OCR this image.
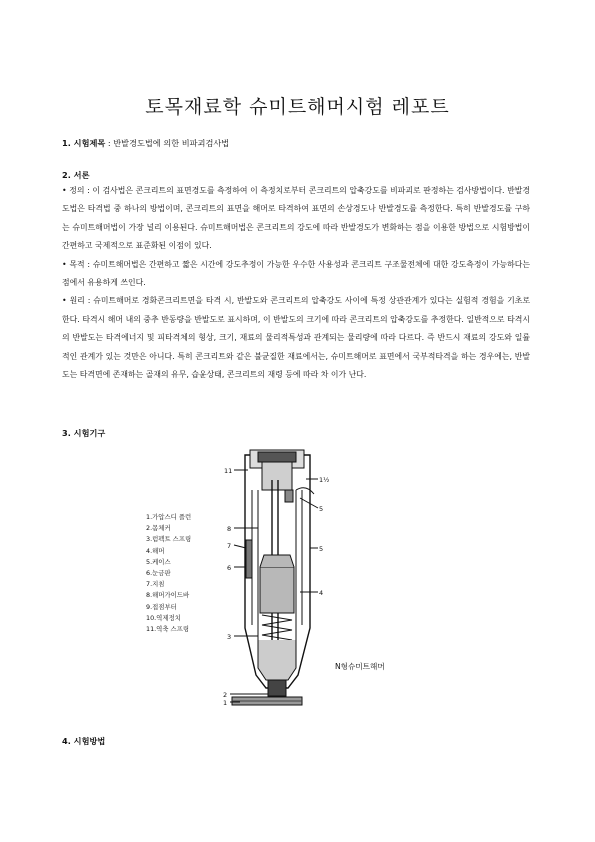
토목재료학 슈미트해머시험 레포트
1. 시험제목 : 반발경도법에 의한 비파괴검사법
2. 서론

• 정의 : 이 검사법은 콘크리트의 표면경도를 측정하여 이 측정치로부터 콘크리트의 압축강도를 비파괴로 판정하는 검사방법이다. 반발경도법은 타격법 중 하나의 방법이며, 콘크리트의 표면을 해머로 타격하여 표면의 손상경도나 반발경도를 측정한다. 특히 반발경도를 구하는 슈미트해머법이 가장 널리 이용된다. 슈미트해머법은 콘크리트의 강도에 따라 반발경도가 변화하는 점을 이용한 방법으로 시험방법이 간편하고 국제적으로 표준화된 이점이 있다.

• 목적 : 슈미트해머법은 간편하고 짧은 시간에 강도추정이 가능한 우수한 사용성과 콘크리트 구조물전체에 대한 강도측정이 가능하다는 점에서 유용하게 쓰인다.

• 원리 : 슈미트해머로 경화콘크리트면을 타격 시, 반발도와 콘크리트의 압축강도 사이에 특정 상관관계가 있다는 실험적 경험을 기초로 한다. 타격시 해머 내의 중추 반동량을 반발도로 표시하며, 이 반발도의 크기에 따라 콘크리트의 압축강도를 추정한다. 일반적으로 타격시의 반발도는 타격에너지 및 피타격체의 형상, 크기, 재료의 물리적특성과 관계되는 물리량에 따라 다르다. 즉 반드시 재료의 강도와 일률적인 관계가 있는 것만은 아니다. 특히 콘크리트와 같은 불균질한 재료에서는, 슈미트해머로 표면에서 국부적타격을 하는 경우에는, 반발도는 타격면에 존재하는 골재의 유무, 습윤상태, 콘크리트의 재령 등에 따라 차 이가 난다.

3. 시험기구
1.가압스디 플런
2.몸체커
3.럼펙트 스프링
4.해머
5.케이스
6.눈금판
7.지침
8.해머가이드바
9.접점부터
10.역제정치
11.역축 스프링
11
1½
5
8
7	5
6
4
3
2
1
N형슈미트해머
4. 시험방법
